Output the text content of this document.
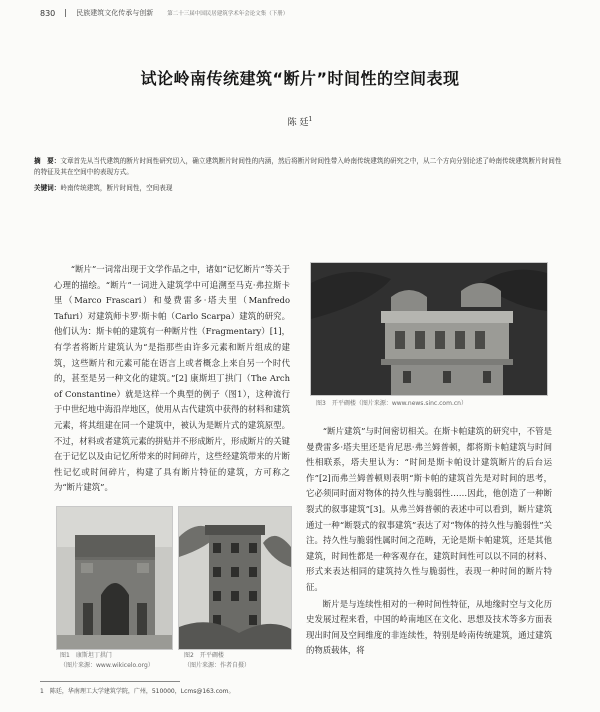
830	民族建筑文化传承与创新	第二十三届中国民居建筑学术年会论文集（下册）
试论岭南传统建筑“断片”时间性的空间表现
陈 廷$^1$
摘　要：文章首先从当代建筑的断片时间性研究切入，确立建筑断片时间性的内涵，然后将断片时间性带入岭南传统建筑的研究之中，从二个方向分别论述了岭南传统建筑断片时间性的特征及其在空间中的表现方式。
关键词：岭南传统建筑，断片时间性，空间表现

“断片”一词常出现于文学作品之中，诸如“记忆断片”等关于心理的描绘。“断片”一词进入建筑学中可追溯至马克·弗拉斯卡里（Marco Frascari）和曼费雷多·塔夫里（Manfredo Tafuri）对建筑师卡罗·斯卡帕（Carlo Scarpa）建筑的研究。他们认为：斯卡帕的建筑有一种断片性（Fragmentary）[1]，有学者将断片建筑认为“是指那些由许多元素和断片组成的建筑，这些断片和元素可能在语言上或者概念上来自另一个时代的，甚至是另一种文化的建筑。”[2] 康斯坦丁拱门（The Arch of Constantine）就是这样一个典型的例子（图1），这种流行于中世纪地中海沿岸地区，使用从古代建筑中获得的材料和建筑元素，将其组建在同一个建筑中，被认为是断片式的建筑原型。不过，材料或者建筑元素的拼贴并不形成断片，形成断片的关键在于记忆以及由记忆所带来的时间碎片，这些经建筑带来的片断性记忆或时间碎片，构建了具有断片特征的建筑，方可称之为“断片建筑”。

图1　康斯坦丁拱门
（图片来源：www.wikicelo.org）
图2　开平碉楼
（图片来源：作者自摄）
图3　开平碉楼（图片来源：www.news.sinc.com.cn）

“断片建筑”与时间密切相关。在斯卡帕建筑的研究中，不管是曼费雷多·塔夫里还是肯尼思·弗兰姆普顿，都将斯卡帕建筑与时间性相联系，塔夫里认为：“时间是斯卡帕设计建筑断片的后台运作”[2]而弗兰姆普顿则表明“斯卡帕的建筑首先是对时间的思考，它必须同时面对物体的持久性与脆弱性……因此，他创造了一种断裂式的叙事建筑”[3]。从弗兰姆普顿的表述中可以看到，断片建筑通过一种“断裂式的叙事建筑”表达了对“物体的持久性与脆弱性”关注。持久性与脆弱性属时间之范畴，无论是斯卡帕建筑，还是其他建筑，时间性都是一种客观存在，建筑时间性可以以不同的材料、形式来表达相同的建筑持久性与脆弱性，表现一种时间的断片特征。

断片是与连续性相对的一种时间性特征，从地缘时空与文化历史发展过程来看，中国的岭南地区在文化、思想及技术等多方面表现出时间及空间维度的非连续性，特别是岭南传统建筑，通过建筑的物质载体，将

1　陈廷，华南理工大学建筑学院，广州，510000，Lcms@163.com。
